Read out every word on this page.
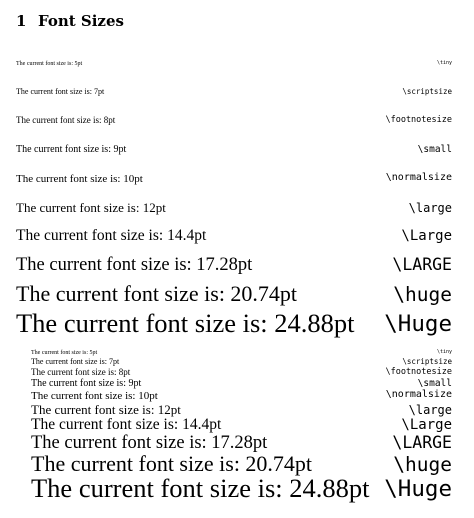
1 Font Sizes
The current font size is: 5pt	\tiny
The current font size is: 7pt	\scriptsize
The current font size is: 8pt	\footnotesize
The current font size is: 9pt	\small
The current font size is: 10pt	\normalsize
The current font size is: 12pt	\large
The current font size is: 14.4pt	\Large
The current font size is: 17.28pt	\LARGE
The current font size is: 20.74pt	\huge
The current font size is: 24.88pt \Huge
The current font size is: 5pt	\tiny
The current font size is: 7pt	\scriptsize
The current font size is: 8pt	\footnotesize
The current font size is: 9pt	\small
The current font size is: 10pt	\normalsize
The current font size is: 12pt	\large
The current font size is: 14.4pt	\Large
The current font size is: 17.28pt	\LARGE
The current font size is: 20.74pt	\huge
The current font size is: 24.88pt \Huge
